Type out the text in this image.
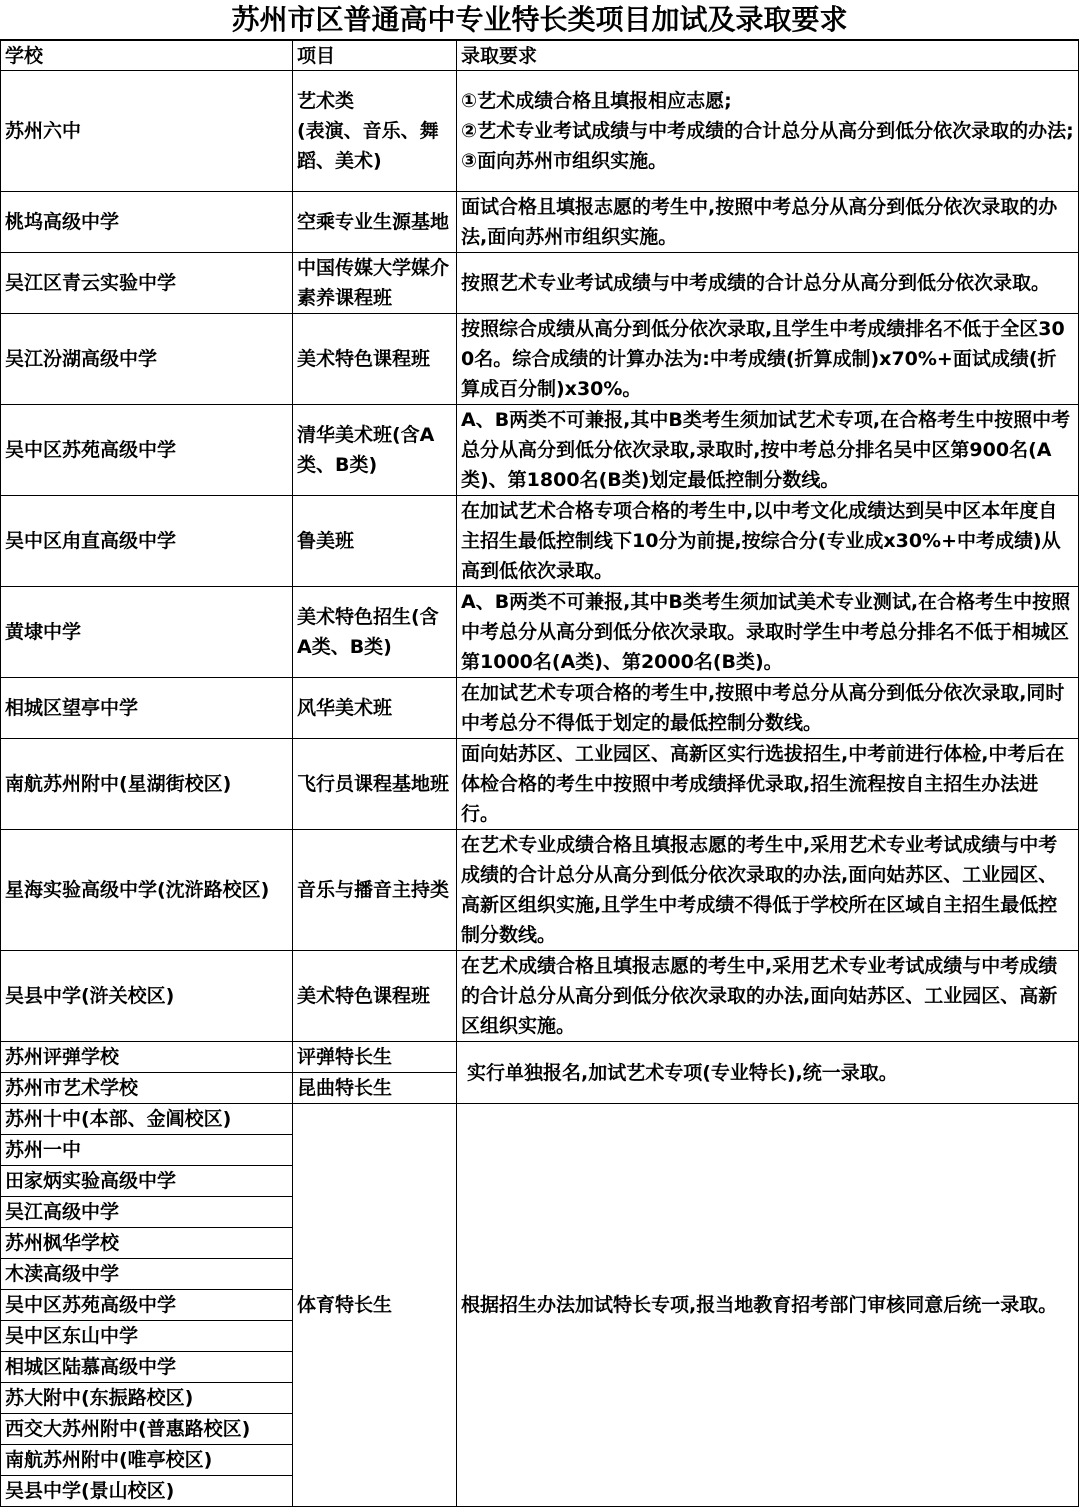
苏州市区普通高中专业特长类项目加试及录取要求
学校	项目	录取要求
苏州六中	艺术类
(表演、音乐、舞
蹈、美术)	①艺术成绩合格且填报相应志愿;
②艺术专业考试成绩与中考成绩的合计总分从高分到低分依次录取的办法;
③面向苏州市组织实施。

桃坞高级中学	空乘专业生源基地	面试合格且填报志愿的考生中,按照中考总分从高分到低分依次录取的办法,面向苏州市组织实施。

吴江区青云实验中学	中国传媒大学媒介素养课程班	按照艺术专业考试成绩与中考成绩的合计总分从高分到低分依次录取。

吴江汾湖高级中学	美术特色课程班	按照综合成绩从高分到低分依次录取,且学生中考成绩排名不低于全区300名。综合成绩的计算办法为:中考成绩(折算成制)x70%+面试成绩(折算成百分制)x30%。

吴中区苏苑高级中学	清华美术班(含A类、B类)	A、B两类不可兼报,其中B类考生须加试艺术专项,在合格考生中按照中考总分从高分到低分依次录取,录取时,按中考总分排名吴中区第900名(A类)、第1800名(B类)划定最低控制分数线。

吴中区甪直高级中学	鲁美班	在加试艺术合格专项合格的考生中,以中考文化成绩达到吴中区本年度自主招生最低控制线下10分为前提,按综合分(专业成x30%+中考成绩)从高到低依次录取。

黄埭中学	美术特色招生(含A类、B类)	A、B两类不可兼报,其中B类考生须加试美术专业测试,在合格考生中按照中考总分从高分到低分依次录取。录取时学生中考总分排名不低于相城区第1000名(A类)、第2000名(B类)。

相城区望亭中学	风华美术班	在加试艺术专项合格的考生中,按照中考总分从高分到低分依次录取,同时中考总分不得低于划定的最低控制分数线。

南航苏州附中(星湖街校区)	飞行员课程基地班	面向姑苏区、工业园区、高新区实行选拔招生,中考前进行体检,中考后在体检合格的考生中按照中考成绩择优录取,招生流程按自主招生办法进行。

星海实验高级中学(沈浒路校区)	音乐与播音主持类	在艺术专业成绩合格且填报志愿的考生中,采用艺术专业考试成绩与中考成绩的合计总分从高分到低分依次录取的办法,面向姑苏区、工业园区、高新区组织实施,且学生中考成绩不得低于学校所在区域自主招生最低控制分数线。

吴县中学(浒关校区)	美术特色课程班	在艺术成绩合格且填报志愿的考生中,采用艺术专业考试成绩与中考成绩的合计总分从高分到低分依次录取的办法,面向姑苏区、工业园区、高新区组织实施。

苏州评弹学校	评弹特长生	实行单独报名,加试艺术专项(专业特长),统一录取。
苏州市艺术学校	昆曲特长生	
苏州十中(本部、金阊校区)	体育特长生	根据招生办法加试特长专项,报当地教育招考部门审核同意后统一录取。
苏州一中		
田家炳实验高级中学		
吴江高级中学		
苏州枫华学校		
木渎高级中学		
吴中区苏苑高级中学		
吴中区东山中学		
相城区陆慕高级中学		
苏大附中(东振路校区)		
西交大苏州附中(普惠路校区)		
南航苏州附中(唯亭校区)		
吴县中学(景山校区)		
